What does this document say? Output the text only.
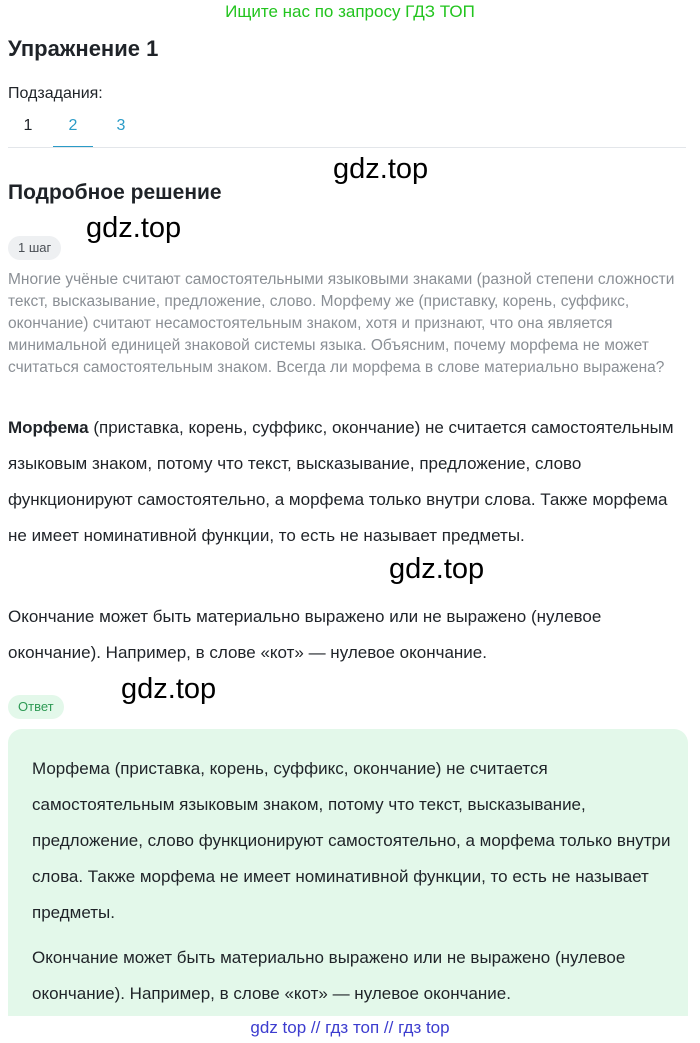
Ищите нас по запросу ГДЗ ТОП
Упражнение 1
Подзадания:
1	2	3
gdz.top
gdz.top
gdz.top
gdz.top
Подробное решение
1 шаг

Многие учёные считают самостоятельными языковыми знаками (разной степени сложности текст, высказывание, предложение, слово. Морфему же (приставку, корень, суффикс, окончание) считают несамостоятельным знаком, хотя и признают, что она является минимальной единицей знаковой системы языка. Объясним, почему морфема не может считаться самостоятельным знаком. Всегда ли морфема в слове материально выражена?

Морфема (приставка, корень, суффикс, окончание) не считается самостоятельным языковым знаком, потому что текст, высказывание, предложение, слово функционируют самостоятельно, а морфема только внутри слова. Также морфема не имеет номинативной функции, то есть не называет предметы.

Окончание может быть материально выражено или не выражено (нулевое окончание). Например, в слове «кот» — нулевое окончание.

Ответ

Морфема (приставка, корень, суффикс, окончание) не считается самостоятельным языковым знаком, потому что текст, высказывание, предложение, слово функционируют самостоятельно, а морфема только внутри слова. Также морфема не имеет номинативной функции, то есть не называет предметы.

Окончание может быть материально выражено или не выражено (нулевое окончание). Например, в слове «кот» — нулевое окончание.

gdz top // гдз топ // гдз top
